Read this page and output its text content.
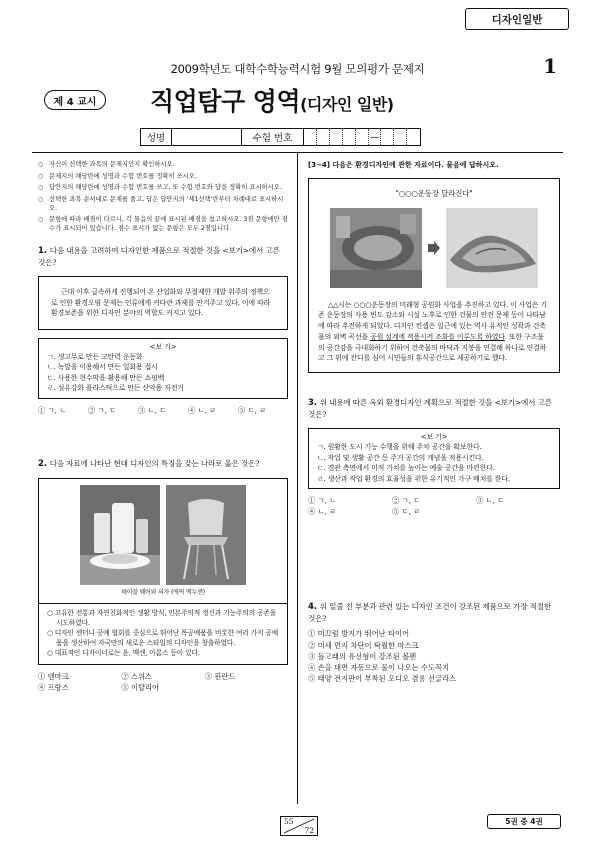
디자인일반
2009학년도 대학수학능력시험 9월 모의평가 문제지	1
제 4 교시	직업탐구 영역(디자인 일반)
성명	수험 번호	—
○ 자신이 선택한 과목의 문제지인지 확인하시오.
○ 문제지의 해당란에 성명과 수험 번호를 정확히 쓰시오.
○ 답안지의 해당란에 성명과 수험 번호를 쓰고, 또 수험 번호와 답을 정확히 표시하시오.
○ 선택한 과목 순서대로 문제를 풀고, 답은 답안지의 '제1선택'란부터 차례대로 표시하시오.
○ 문항에 따라 배점이 다르니, 각 물음의 끝에 표시된 배점을 참고하시오. 3점 문항에만 점수가 표시되어 있습니다. 점수 표시가 없는 문항은 모두 2점입니다.
1. 다음 내용을 고려하여 디자인한 제품으로 적절한 것을 <보기>에서 고른 것은?
근대 이후 급속하게 진행되어 온 산업화와 무절제한 개발 위주의 정책으로 인한 환경오염 문제는 인류에게 커다란 과제를 안겨주고 있다. 이에 따라 환경보존을 위한 디자인 분야의 역할도 커지고 있다.
<보 기>
ㄱ. 생고무로 만든 고탄력 운동화
ㄴ. 녹말을 이용해서 만든 일회용 접시
ㄷ. 사용한 현수막을 활용해 만든 쇼핑백
ㄹ. 섬유강화 플라스틱으로 만든 산악용 자전거
① ㄱ, ㄴ	② ㄱ, ㄷ	③ ㄴ, ㄷ	④ ㄴ, ㄹ	⑤ ㄷ, ㄹ
2. 다음 자료에 나타난 현대 디자인의 특징을 갖는 나라로 옳은 것은?
테이블 웨어와 의자 (에릭 맥누센)
○ 고유한 전통과 자연친화적인 생활 방식, 인본주의적 정신과 기능주의의 공존을 시도하였다.
○ 디자인 센터나 공예 협회를 중심으로 뛰어난 목공예품을 비롯한 여러 가지 공예품을 생산하여 자국만의 새로운 스타일의 디자인을 창출하였다.
○ 대표적인 디자이너로는 윤, 멕센, 아롬스 등이 있다.
① 덴마크	② 스위스	③ 핀란드
④ 프랑스	⑤ 이탈리아
[3~4] 다음은 환경디자인에 관한 자료이다. 물음에 답하시오.
"○○○운동장 달라진다"
△△시는 ○○○운동장의 미래형 공원화 사업을 추진하고 있다. 이 사업은 기존 운동장의 사용 빈도 감소와 시설 노후로 인한 건물의 안전 문제 등이 나타남에 따라 추진하게 되었다. 디자인 컨셉은 일근에 있는 역사 유적인 성곽과 건축물의 외벽 곡선을 공원 설계에 적용시켜 조화를 이루도록 하였다. 또한 구조물의 공간감을 극대화하기 위하여 건축물의 바닥과 지붕을 연결해 하나로 연결하고 그 위에 잔디를 심어 시민들의 휴식공간으로 제공하기로 했다.
3. 위 내용에 따른 옥외 환경디자인 계획으로 적절한 것을 <보기>에서 고른 것은?
<보 기>
ㄱ. 원활한 도시 기능 수행을 위해 주차 공간을 확보한다.
ㄴ. 작업 및 생활 공간 등 주거 공간의 개념을 적용시킨다.
ㄷ. 경관 측면에서 미적 가치를 높이는 예술 공간을 마련한다.
ㄹ. 생산과 작업 환경의 효율성을 위한 유기적인 가구 배치를 한다.
① ㄱ, ㄴ	② ㄱ, ㄷ	③ ㄴ, ㄷ
④ ㄴ, ㄹ	⑤ ㄷ, ㄹ
4. 위 밑줄 친 부분과 관련 있는 디자인 조건이 강조된 제품으로 가장 적절한 것은?
① 미끄럼 방지가 뛰어난 타이어
② 미세 먼지 차단이 탁월한 마스크
③ 돌고래의 유선형이 강조된 볼펜
④ 손을 대면 자동으로 물이 나오는 수도꼭지
⑤ 태양 전지판이 부착된 오디오 겸용 선글라스
55
72
5권 중 4권
